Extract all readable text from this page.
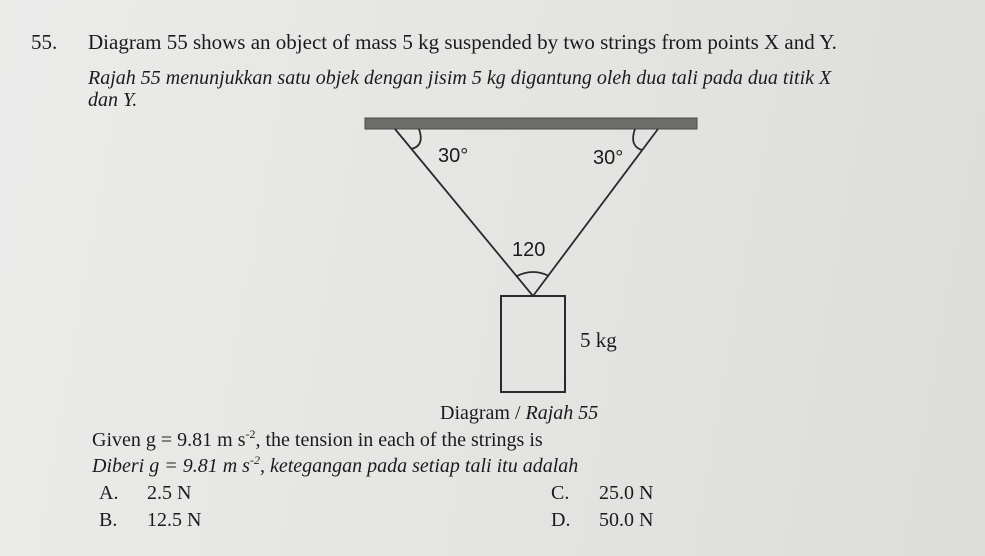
55. Diagram 55 shows an object of mass 5 kg suspended by two strings from points X and Y.
Rajah 55 menunjukkan satu objek dengan jisim 5 kg digantung oleh dua tali pada dua titik X
dan Y.
30°	30°
120
5 kg
Diagram / Rajah 55
Given g = 9.81 m $s^{-2}$, the tension in each of the strings is
Diberi g = 9.81 m $s^{-2}$, ketegangan pada setiap tali itu adalah
A. 2.5 N
B. 12.5 N
C. 25.0 N
D. 50.0 N
